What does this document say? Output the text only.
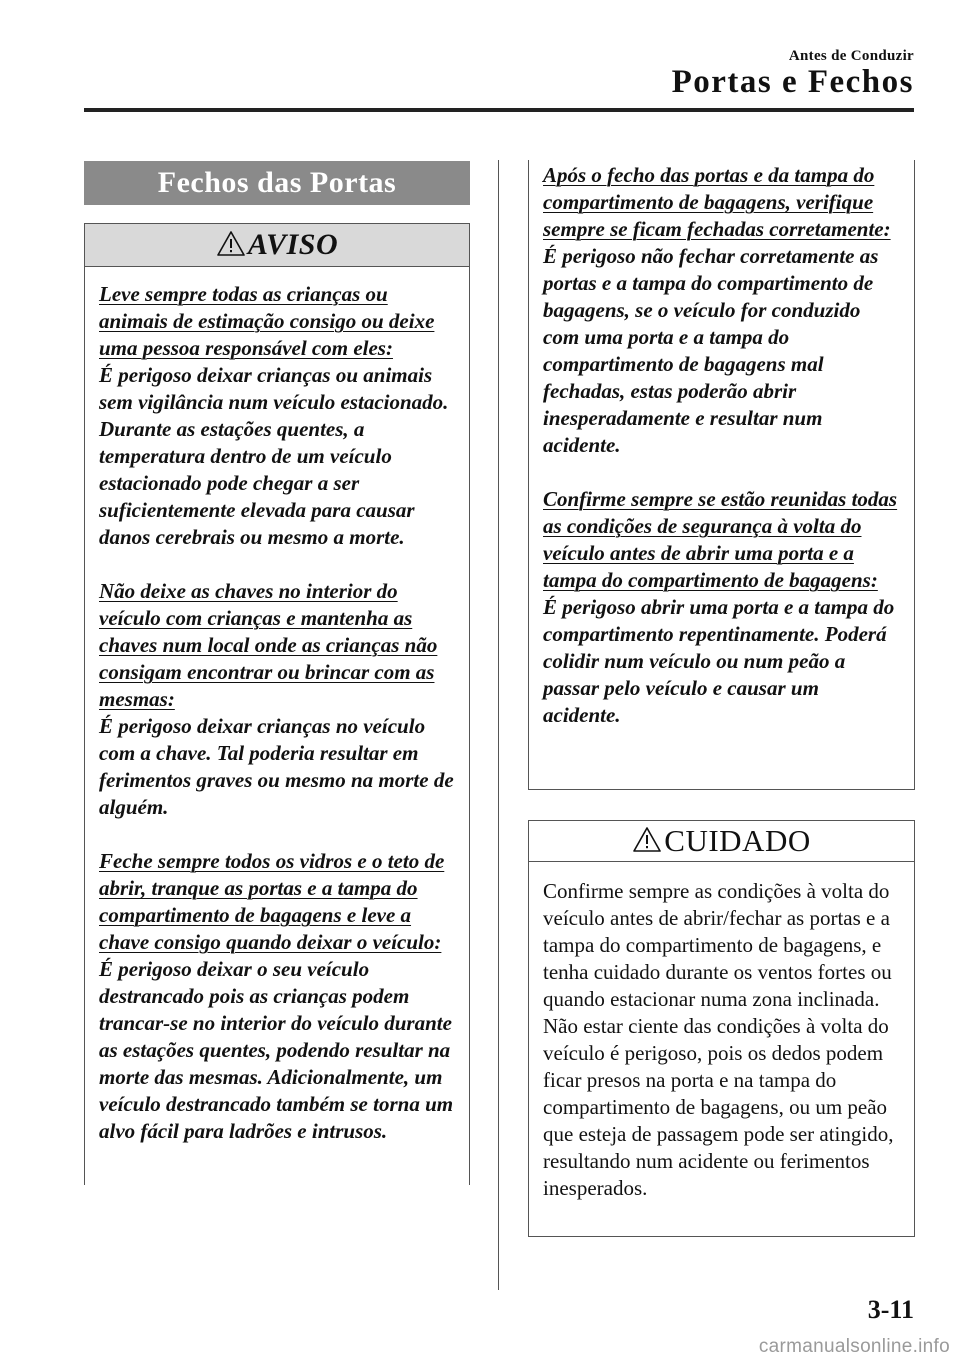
Antes de Conduzir
Portas e Fechos
Fechos das Portas
AVISO

Leve sempre todas as crianças ou animais de estimação consigo ou deixe uma pessoa responsável com eles:
É perigoso deixar crianças ou animais sem vigilância num veículo estacionado. Durante as estações quentes, a temperatura dentro de um veículo estacionado pode chegar a ser suficientemente elevada para causar danos cerebrais ou mesmo a morte.

Não deixe as chaves no interior do veículo com crianças e mantenha as chaves num local onde as crianças não consigam encontrar ou brincar com as mesmas:
É perigoso deixar crianças no veículo com a chave. Tal poderia resultar em ferimentos graves ou mesmo na morte de alguém.

Feche sempre todos os vidros e o teto de abrir, tranque as portas e a tampa do compartimento de bagagens e leve a chave consigo quando deixar o veículo:
É perigoso deixar o seu veículo destrancado pois as crianças podem trancar-se no interior do veículo durante as estações quentes, podendo resultar na morte das mesmas. Adicionalmente, um veículo destrancado também se torna um alvo fácil para ladrões e intrusos.

Após o fecho das portas e da tampa do compartimento de bagagens, verifique sempre se ficam fechadas corretamente:
É perigoso não fechar corretamente as portas e a tampa do compartimento de bagagens, se o veículo for conduzido com uma porta e a tampa do compartimento de bagagens mal fechadas, estas poderão abrir inesperadamente e resultar num acidente.

Confirme sempre se estão reunidas todas as condições de segurança à volta do veículo antes de abrir uma porta e a tampa do compartimento de bagagens:
É perigoso abrir uma porta e a tampa do compartimento repentinamente. Poderá colidir num veículo ou num peão a passar pelo veículo e causar um acidente.

CUIDADO

Confirme sempre as condições à volta do veículo antes de abrir/fechar as portas e a tampa do compartimento de bagagens, e tenha cuidado durante os ventos fortes ou quando estacionar numa zona inclinada. Não estar ciente das condições à volta do veículo é perigoso, pois os dedos podem ficar presos na porta e na tampa do compartimento de bagagens, ou um peão que esteja de passagem pode ser atingido, resultando num acidente ou ferimentos inesperados.

3-11
carmanualsonline.info
